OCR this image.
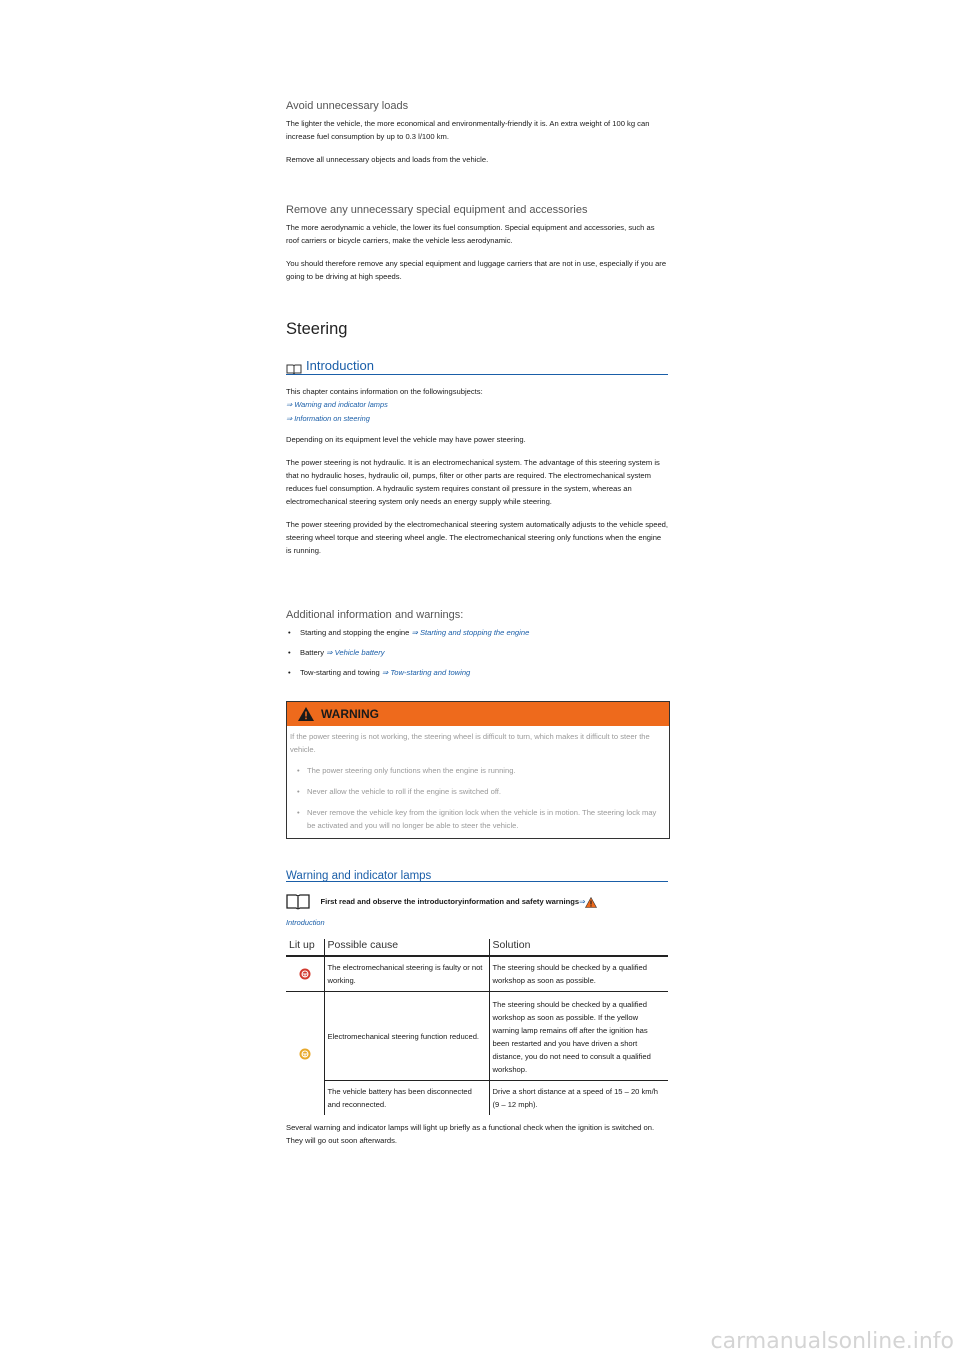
Avoid unnecessary loads

The lighter the vehicle, the more economical and environmentally-friendly it is. An extra weight of 100 kg can increase fuel consumption by up to 0.3 l/100 km.

Remove all unnecessary objects and loads from the vehicle.

Remove any unnecessary special equipment and accessories

The more aerodynamic a vehicle, the lower its fuel consumption. Special equipment and accessories, such as roof carriers or bicycle carriers, make the vehicle less aerodynamic.

You should therefore remove any special equipment and luggage carriers that are not in use, especially if you are going to be driving at high speeds.

Steering

$^{Introduction}$

This chapter contains information on the followingsubjects:

⇒ Warning and indicator lamps

⇒ Information on steering

Depending on its equipment level the vehicle may have power steering.

The power steering is not hydraulic. It is an electromechanical system. The advantage of this steering system is that no hydraulic hoses, hydraulic oil, pumps, filter or other parts are required. The electromechanical system reduces fuel consumption. A hydraulic system requires constant oil pressure in the system, whereas an electromechanical steering system only needs an energy supply while steering.

The power steering provided by the electromechanical steering system automatically adjusts to the vehicle speed, steering wheel torque and steering wheel angle. The electromechanical steering only functions when the engine is running.

Additional information and warnings:

• Starting and stopping the engine ⇒ Starting and stopping the engine

• Battery ⇒ Vehicle battery

• Tow-starting and towing ⇒ Tow-starting and towing

WARNING

If the power steering is not working, the steering wheel is difficult to turn, which makes it difficult to steer the vehicle.

• The power steering only functions when the engine is running.

• Never allow the vehicle to roll if the engine is switched off.

• Never remove the vehicle key from the ignition lock when the vehicle is in motion. The steering lock may be activated and you will no longer be able to steer the vehicle.

Warning and indicator lamps
First read and observe the introductoryinformation and safety warnings⇒

Introduction

Lit up	Possible cause	Solution

	The electromechanical steering is faulty or not working.	The steering should be checked by a qualified workshop as soon as possible.

	Electromechanical steering function reduced.	The steering should be checked by a qualified workshop as soon as possible. If the yellow warning lamp remains off after the ignition has been restarted and you have driven a short distance, you do not need to consult a qualified workshop.
	The vehicle battery has been disconnected and reconnected.	Drive a short distance at a speed of 15 – 20 km/h (9 – 12 mph).

Several warning and indicator lamps will light up briefly as a functional check when the ignition is switched on. They will go out soon afterwards.

carmanualsonline.info
